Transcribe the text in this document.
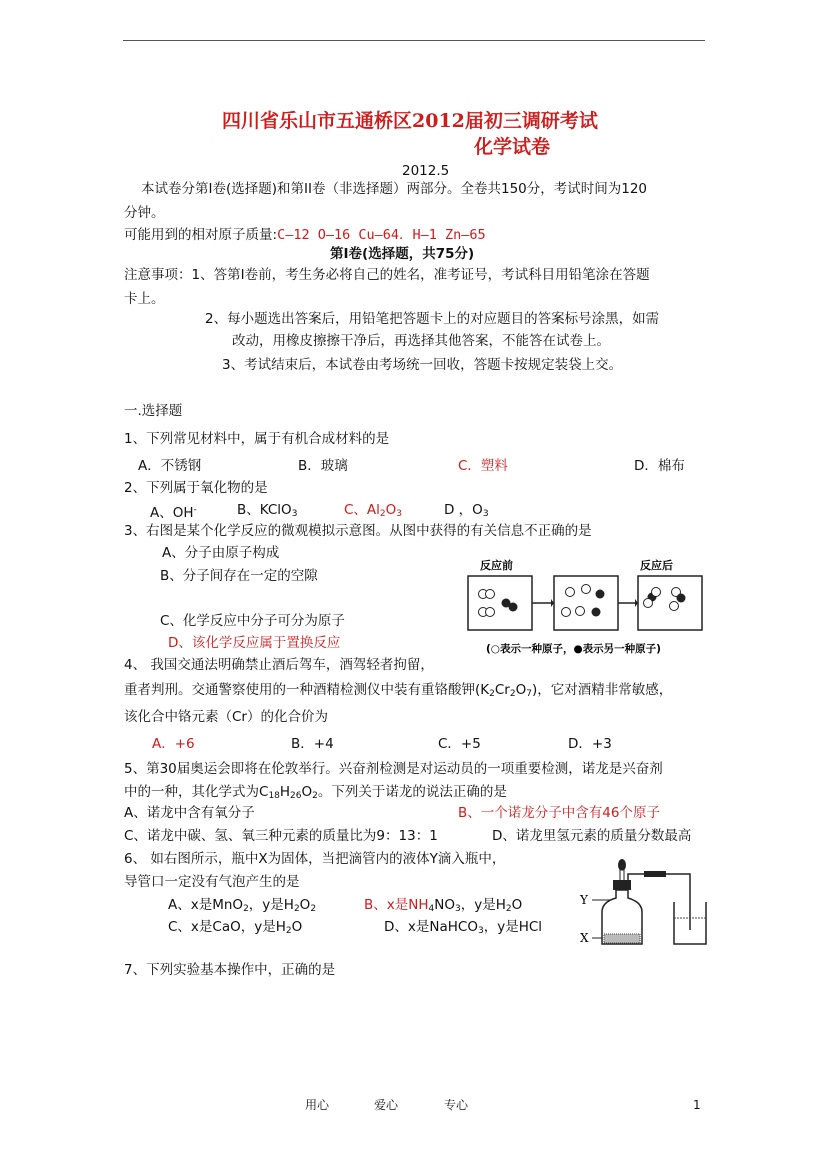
四川省乐山市五通桥区2012届初三调研考试
化学试卷
2012.5
本试卷分第I卷(选择题)和第II卷（非选择题）两部分。全卷共150分，考试时间为120
分钟。
可能用到的相对原子质量:C—12 O—16 Cu—64．H—1 Zn—65
第I卷(选择题，共75分)
注意事项：1、答第I卷前，考生务必将自己的姓名，准考证号，考试科目用铅笔涂在答题
卡上。
2、每小题选出答案后，用铅笔把答题卡上的对应题目的答案标号涂黑，如需
改动，用橡皮擦擦干净后，再选择其他答案，不能答在试卷上。
3、考试结束后，本试卷由考场统一回收，答题卡按规定装袋上交。
一.选择题
1、下列常见材料中，属于有机合成材料的是
A．不锈钢	B．玻璃	C．塑料	D．棉布
2、下列属于氧化物的是
A、OH-	B、KClO$_3$	C、$Al_2O_3$	D ，$O_3$
3、右图是某个化学反应的微观模拟示意图。从图中获得的有关信息不正确的是
A、分子由原子构成
B、分子间存在一定的空隙
C、化学反应中分子可分为原子
D、该化学反应属于置换反应
反应前	反应后
(○表示一种原子，●表示另一种原子)
4、 我国交通法明确禁止酒后驾车，酒驾轻者拘留，
重者判刑。交通警察使用的一种酒精检测仪中装有重铬酸钾$(K_2Cr_2O_7)$，它对酒精非常敏感，
该化合中铬元素（Cr）的化合价为
A．+6	B．+4	C．+5	D．+3
5、第30届奥运会即将在伦敦举行。兴奋剂检测是对运动员的一项重要检测，诺龙是兴奋剂
中的一种，其化学式为$C_{18}H_{26}O_2$。下列关于诺龙的说法正确的是
A、诺龙中含有氧分子	B、一个诺龙分子中含有46个原子
C、诺龙中碳、氢、氧三种元素的质量比为9：13：1	D、诺龙里氢元素的质量分数最高
6、 如右图所示，瓶中X为固体，当把滴管内的液体Y滴入瓶中，
导管口一定没有气泡产生的是
A、x是MnO$_2$，y是$H_2O_2$	B、x是$NH_4NO_3$，y是$H_2O$
C、x是CaO，y是$H_2O$	D、x是NaHCO$_3$，y是HCl
Y
X
7、下列实验基本操作中，正确的是
用心	爱心	专心	1
